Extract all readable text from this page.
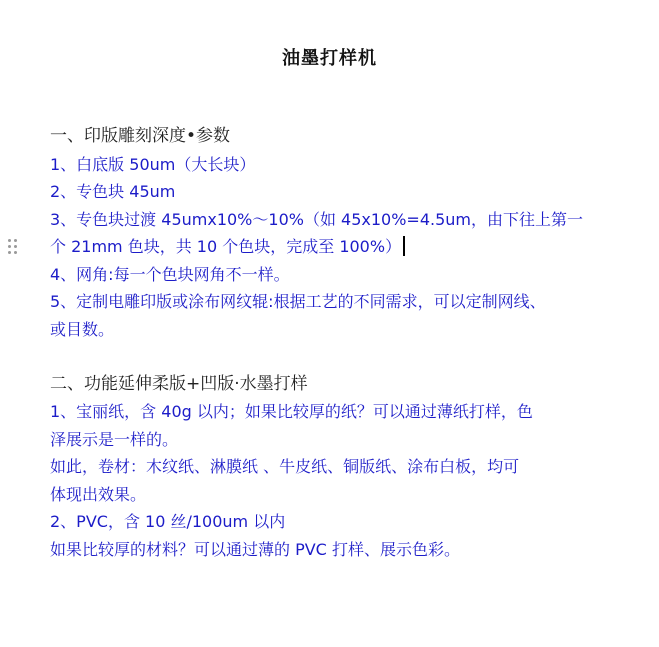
油墨打样机
一、印版雕刻深度•参数
1、白底版 50um（大长块）
2、专色块 45um
3、专色块过渡 45umx10%～10%（如 45x10%=4.5um，由下往上第一
个 21mm 色块，共 10 个色块，完成至 100%）
4、网角:每一个色块网角不一样。
5、定制电雕印版或涂布网纹辊:根据工艺的不同需求，可以定制网线、
或目数。
二、功能延伸柔版+凹版·水墨打样
1、宝丽纸，含 40g 以内；如果比较厚的纸？可以通过薄纸打样，色
泽展示是一样的。
如此，卷材：木纹纸、淋膜纸 、牛皮纸、铜版纸、涂布白板，均可
体现出效果。
2、PVC，含 10 丝/100um 以内
如果比较厚的材料？可以通过薄的 PVC 打样、展示色彩。
